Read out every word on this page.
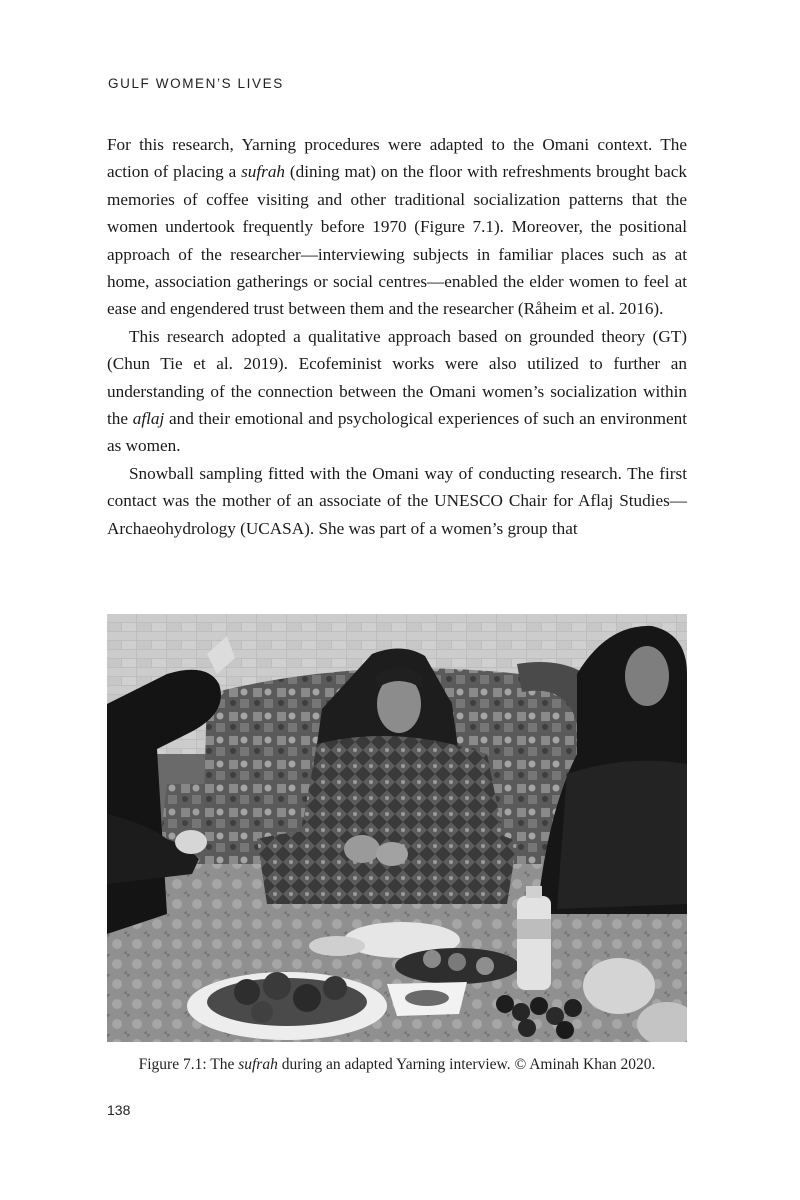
GULF WOMEN’S LIVES

For this research, Yarning procedures were adapted to the Omani context. The action of placing a sufrah (dining mat) on the floor with refreshments brought back memories of coffee visiting and other traditional socialization patterns that the women undertook frequently before 1970 (Figure 7.1). Moreover, the positional approach of the researcher—interviewing subjects in familiar places such as at home, association gatherings or social centres—enabled the elder women to feel at ease and engendered trust between them and the researcher (Råheim et al. 2016).

This research adopted a qualitative approach based on grounded theory (GT) (Chun Tie et al. 2019). Ecofeminist works were also utilized to further an understanding of the connection between the Omani women’s socialization within the aflaj and their emotional and psychological experiences of such an environment as women.

Snowball sampling fitted with the Omani way of conducting research. The first contact was the mother of an associate of the UNESCO Chair for Aflaj Studies—Archaeohydrology (UCASA). She was part of a women’s group that

Figure 7.1: The sufrah during an adapted Yarning interview. © Aminah Khan 2020.
138
